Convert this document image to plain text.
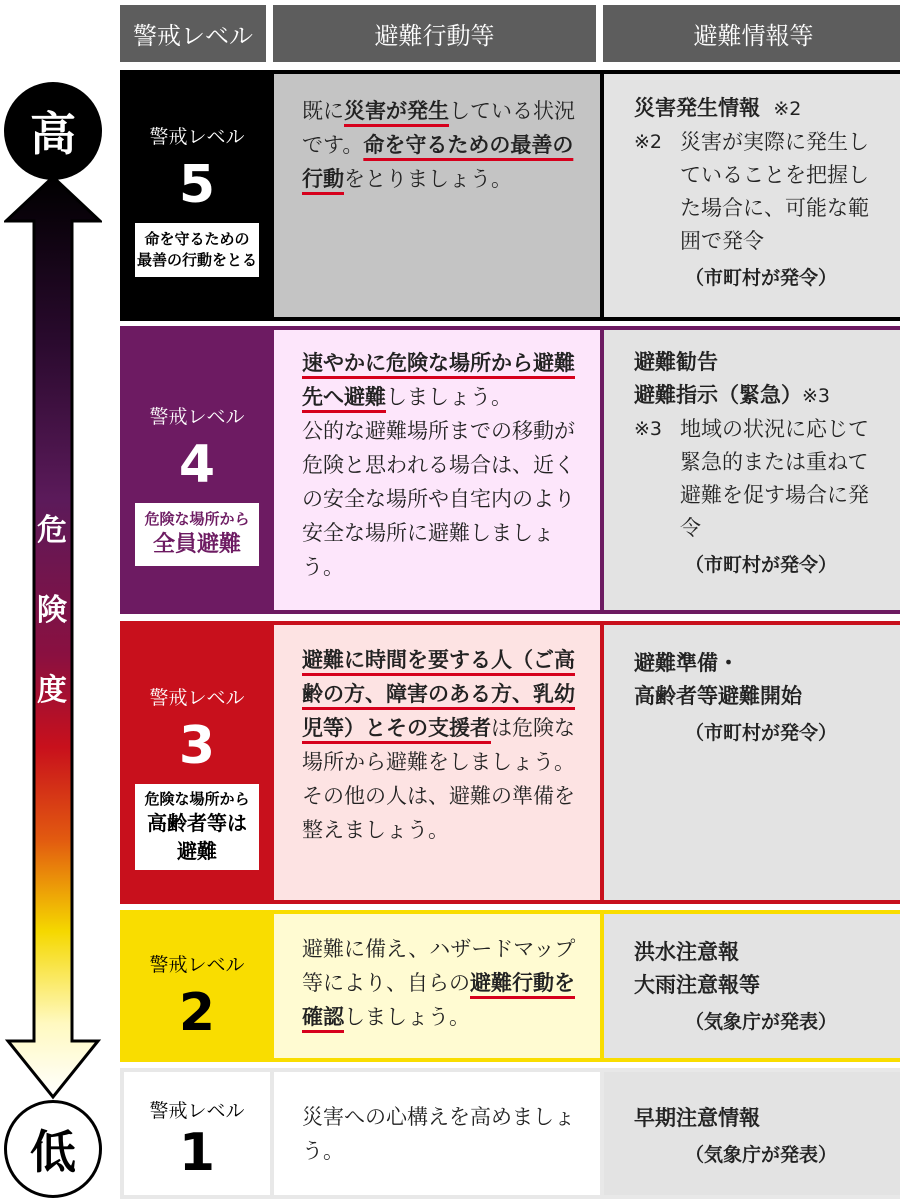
高
危
険
度
低
警戒レベル	避難行動等	避難情報等
警戒レベル
5
命を守るための
最善の行動をとる
既に災害が発生している状況です。命を守るための最善の行動をとりましょう。
災害発生情報 ※2
※2 災害が実際に発生していることを把握した場合に、可能な範囲で発令
（市町村が発令）
警戒レベル
4
危険な場所から
全員避難
速やかに危険な場所から避難先へ避難しましょう。
公的な避難場所までの移動が危険と思われる場合は、近くの安全な場所や自宅内のより安全な場所に避難しましょう。
避難勧告
避難指示（緊急）※3
※3 地域の状況に応じて緊急的または重ねて避難を促す場合に発令
（市町村が発令）
警戒レベル
3
危険な場所から
高齢者等は
避難
避難に時間を要する人（ご高齢の方、障害のある方、乳幼児等）とその支援者は危険な場所から避難をしましょう。その他の人は、避難の準備を整えましょう。
避難準備・
高齢者等避難開始
（市町村が発令）
警戒レベル
2
避難に備え、ハザードマップ等により、自らの避難行動を確認しましょう。
洪水注意報
大雨注意報等
（気象庁が発表）
警戒レベル
1
災害への心構えを高めましょう。
早期注意情報
（気象庁が発表）
